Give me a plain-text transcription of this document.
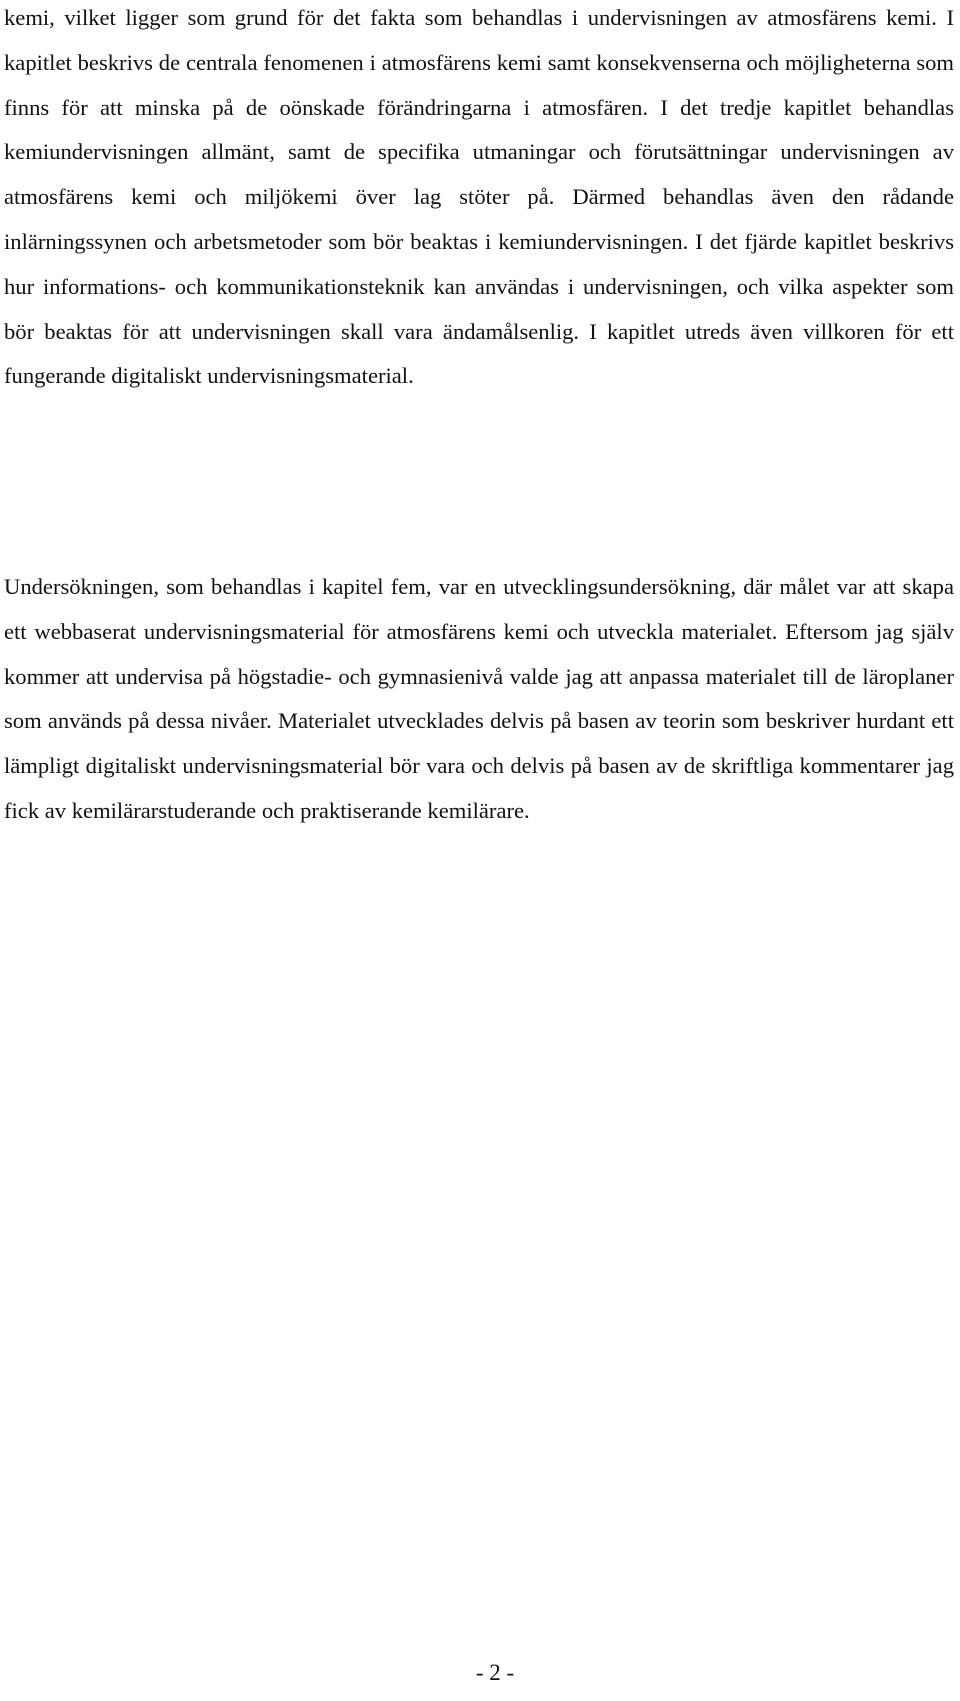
kemi, vilket ligger som grund för det fakta som behandlas i undervisningen av atmosfärens kemi. I kapitlet beskrivs de centrala fenomenen i atmosfärens kemi samt konsekvenserna och möjligheterna som finns för att minska på de oönskade förändringarna i atmosfären. I det tredje kapitlet behandlas kemiundervisningen allmänt, samt de specifika utmaningar och förutsättningar undervisningen av atmosfärens kemi och miljökemi över lag stöter på. Därmed behandlas även den rådande inlärningssynen och arbetsmetoder som bör beaktas i kemiundervisningen. I det fjärde kapitlet beskrivs hur informations- och kommunikationsteknik kan användas i undervisningen, och vilka aspekter som bör beaktas för att undervisningen skall vara ändamålsenlig. I kapitlet utreds även villkoren för ett fungerande digitaliskt undervisningsmaterial.

Undersökningen, som behandlas i kapitel fem, var en utvecklingsundersökning, där målet var att skapa ett webbaserat undervisningsmaterial för atmosfärens kemi och utveckla materialet. Eftersom jag själv kommer att undervisa på högstadie- och gymnasienivå valde jag att anpassa materialet till de läroplaner som används på dessa nivåer. Materialet utvecklades delvis på basen av teorin som beskriver hurdant ett lämpligt digitaliskt undervisningsmaterial bör vara och delvis på basen av de skriftliga kommentarer jag fick av kemilärarstuderande och praktiserande kemilärare.

- 2 -
